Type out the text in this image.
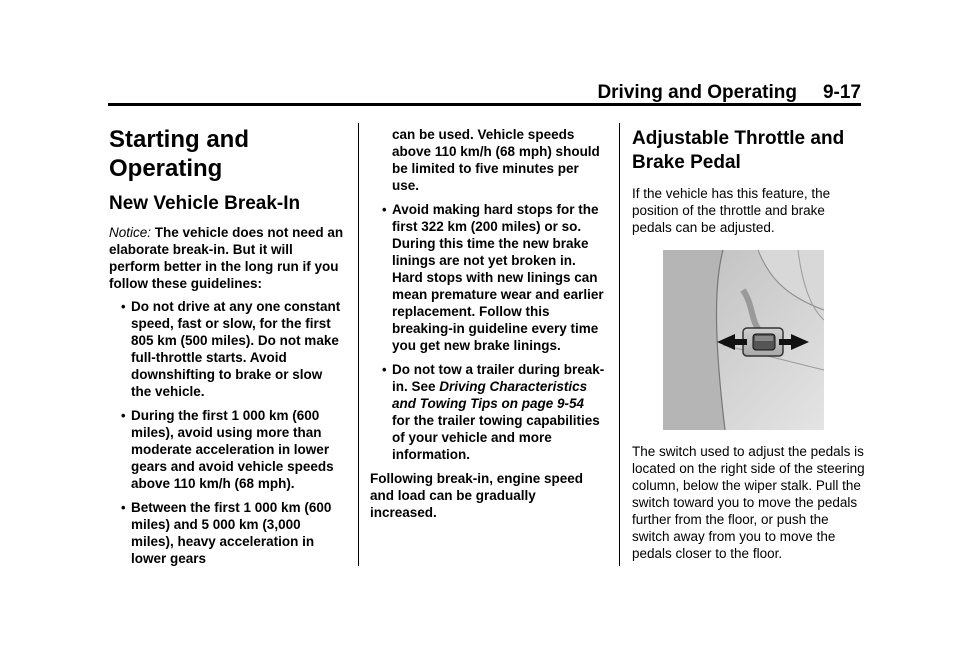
Driving and Operating 9-17
Starting and
Operating
New Vehicle Break-In

Notice: The vehicle does not need an elaborate break-in. But it will perform better in the long run if you follow these guidelines:

• Do not drive at any one constant speed, fast or slow, for the first 805 km (500 miles). Do not make full-throttle starts. Avoid downshifting to brake or slow the vehicle.
• During the first 1 000 km (600 miles), avoid using more than moderate acceleration in lower gears and avoid vehicle speeds above 110 km/h (68 mph).
• Between the first 1 000 km (600 miles) and 5 000 km (3,000 miles), heavy acceleration in lower gears
can be used. Vehicle speeds above 110 km/h (68 mph) should be limited to five minutes per use.
• Avoid making hard stops for the first 322 km (200 miles) or so. During this time the new brake linings are not yet broken in. Hard stops with new linings can mean premature wear and earlier replacement. Follow this breaking-in guideline every time you get new brake linings.
• Do not tow a trailer during break-in. See Driving Characteristics and Towing Tips on page 9-54 for the trailer towing capabilities of your vehicle and more information.

Following break-in, engine speed and load can be gradually increased.

Adjustable Throttle and Brake Pedal

If the vehicle has this feature, the position of the throttle and brake pedals can be adjusted.

The switch used to adjust the pedals is located on the right side of the steering column, below the wiper stalk. Pull the switch toward you to move the pedals further from the floor, or push the switch away from you to move the pedals closer to the floor.
